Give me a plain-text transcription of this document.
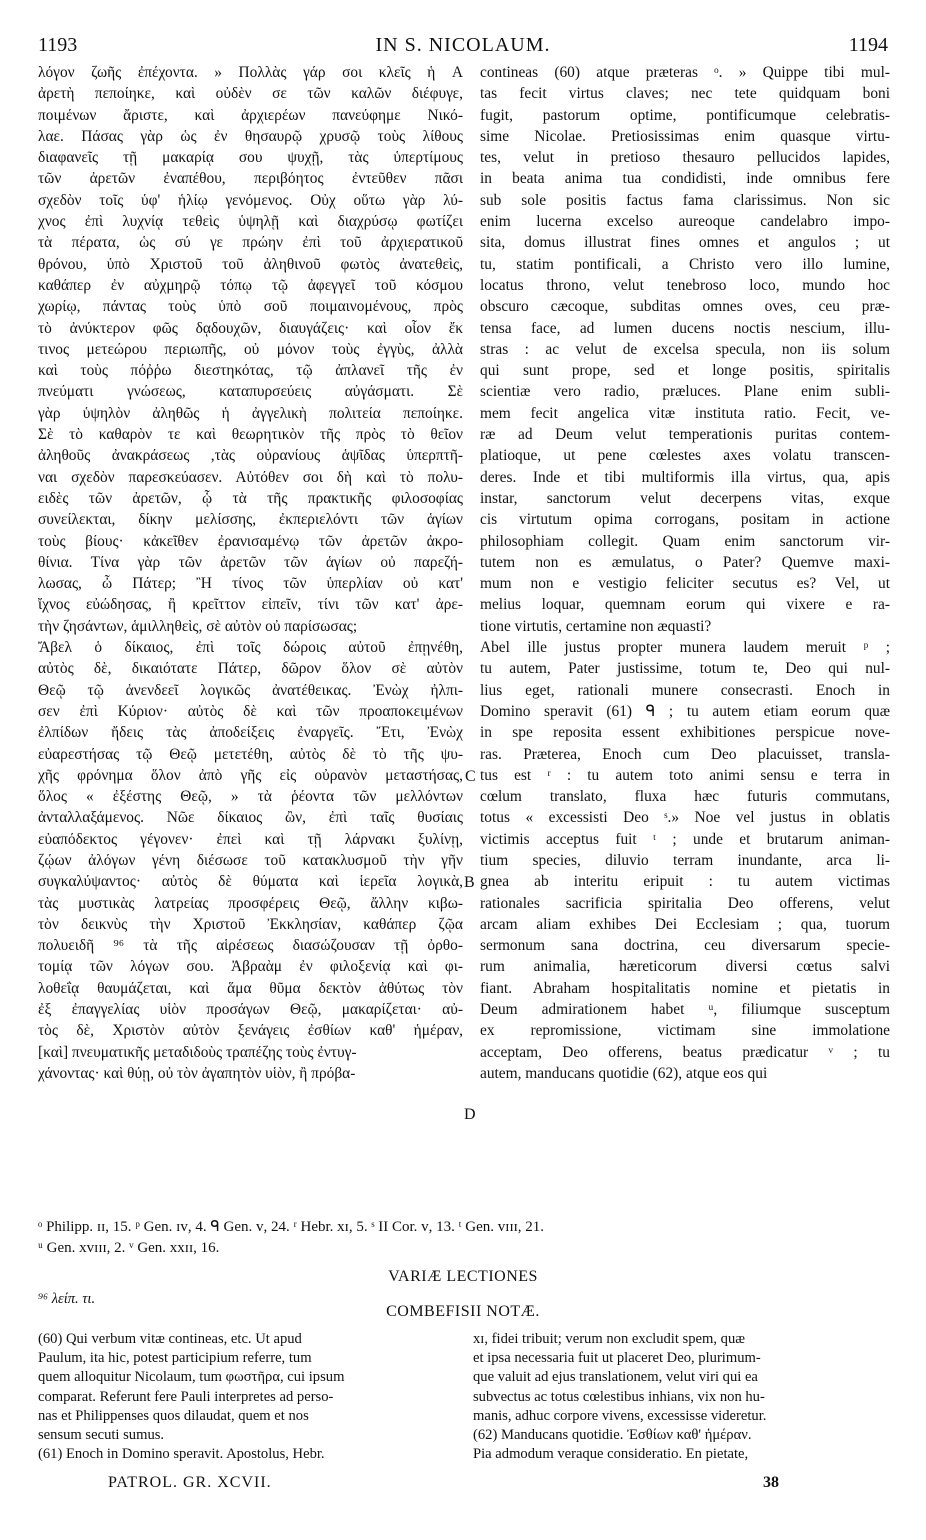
1193	IN S. NICOLAUM.	1194
λόγον ζωῆς ἐπέχοντα. » Πολλὰς γάρ σοι κλεῖς ἡ A
ἀρετὴ πεποίηκε, καὶ οὐδὲν σε τῶν καλῶν διέφυγε,
ποιμένων ἄριστε, καὶ ἀρχιερέων πανεύφημε Νικό-
λαε. Πάσας γὰρ ὡς ἐν θησαυρῷ χρυσῷ τοὺς λίθους
διαφανεῖς τῇ μακαρίᾳ σου ψυχῇ, τὰς ὑπερτίμους
τῶν ἀρετῶν ἐναπέθου, περιβόητος ἐντεῦθεν πᾶσι
σχεδὸν τοῖς ὑφ' ἡλίῳ γενόμενος. Οὐχ οὕτω γὰρ λύ-
χνος ἐπὶ λυχνίᾳ τεθεὶς ὑψηλῇ καὶ διαχρύσῳ φωτίζει
τὰ πέρατα, ὡς σύ γε πρώην ἐπὶ τοῦ ἀρχιερατικοῦ
θρόνου, ὑπὸ Χριστοῦ τοῦ ἀληθινοῦ φωτὸς ἀνατεθεὶς,
καθάπερ ἐν αὐχμηρῷ τόπῳ τῷ ἀφεγγεῖ τοῦ κόσμου
χωρίῳ, πάντας τοὺς ὑπὸ σοῦ ποιμαινομένους, πρὸς
τὸ ἀνύκτερον φῶς δᾳδουχῶν, διαυγάζεις· καὶ οἷον ἔκ
τινος μετεώρου περιωπῆς, οὐ μόνον τοὺς ἐγγὺς, ἀλλὰ
καὶ τοὺς πόῤῥω διεστηκότας, τῷ ἀπλανεῖ τῆς ἐν
πνεύματι γνώσεως, καταπυρσεύεις αὐγάσματι. Σὲ
γὰρ ὑψηλὸν ἀληθῶς ἡ ἀγγελικὴ πολιτεία πεποίηκε.
Σὲ τὸ καθαρὸν τε καὶ θεωρητικὸν τῆς πρὸς τὸ θεῖον
ἀληθοῦς ἀνακράσεως ,τὰς οὐρανίους ἁψῖδας ὑπερπτῆ-
ναι σχεδὸν παρεσκεύασεν. Αὐτόθεν σοι δὴ καὶ τὸ πολυ-
ειδὲς τῶν ἀρετῶν, ᾧ τὰ τῆς πρακτικῆς φιλοσοφίας
συνείλεκται, δίκην μελίσσης, ἐκπεριελόντι τῶν ἁγίων
τοὺς βίους· κἀκεῖθεν ἐρανισαμένῳ τῶν ἀρετῶν ἀκρο-
θίνια. Τίνα γὰρ τῶν ἀρετῶν τῶν ἁγίων οὐ παρεζή-
λωσας, ὦ Πάτερ; Ἢ τίνος τῶν ὑπερλίαν οὐ κατ'
ἴχνος εὐώδησας, ἢ κρεῖττον εἰπεῖν, τίνι τῶν κατ' ἀρε-
τὴν ζησάντων, ἁμιλληθεὶς, σὲ αὐτὸν οὐ παρίσωσας;
Ἄβελ ὁ δίκαιος, ἐπὶ τοῖς δώροις αὐτοῦ ἐπῃνέθη,
αὐτὸς δὲ, δικαιότατε Πάτερ, δῶρον ὅλον σὲ αὐτὸν
Θεῷ τῷ ἀνενδεεῖ λογικῶς ἀνατέθεικας. Ἐνὼχ ἠλπι-
σεν ἐπὶ Κύριον· αὐτὸς δὲ καὶ τῶν προαποκειμένων
ἐλπίδων ἤδεις τὰς ἀποδείξεις ἐναργεῖς. Ἔτι, Ἐνὼχ
εὐαρεστήσας τῷ Θεῷ μετετέθη, αὐτὸς δὲ τὸ τῆς ψυ-
χῆς φρόνημα ὅλον ἀπὸ γῆς εἰς οὐρανὸν μεταστήσας,
ὅλος « ἐξέστης Θεῷ, » τὰ ῥέοντα τῶν μελλόντων
ἀνταλλαξάμενος. Νῶε δίκαιος ὢν, ἐπὶ ταῖς θυσίαις
εὐαπόδεκτος γέγονεν· ἐπεὶ καὶ τῇ λάρνακι ξυλίνῃ,
ζῴων ἀλόγων γένη διέσωσε τοῦ κατακλυσμοῦ τὴν γῆν
συγκαλύψαντος· αὐτὸς δὲ θύματα καὶ ἱερεῖα λογικὰ,
τὰς μυστικὰς λατρείας προσφέρεις Θεῷ, ἄλλην κιβω-
τὸν δεικνὺς τὴν Χριστοῦ Ἐκκλησίαν, καθάπερ ζῷα
πολυειδῆ ⁹⁶ τὰ τῆς αἱρέσεως διασώζουσαν τῇ ὀρθο-
τομίᾳ τῶν λόγων σου. Ἀβραὰμ ἐν φιλοξενίᾳ καὶ φι-
λοθεΐᾳ θαυμάζεται, καὶ ἅμα θῦμα δεκτὸν ἀθύτως τὸν
ἐξ ἐπαγγελίας υἱὸν προσάγων Θεῷ, μακαρίζεται· αὐ-
τὸς δὲ, Χριστὸν αὐτὸν ξενάγεις ἐσθίων καθ' ἡμέραν,
[καὶ] πνευματικῆς μεταδιδοὺς τραπέζης τοὺς ἐντυγ-
χάνοντας· καὶ θύῃ, οὐ τὸν ἀγαπητὸν υἱὸν, ἢ πρόβα-
contineas (60) atque præteras ᵒ. » Quippe tibi mul-
tas fecit virtus claves; nec tete quidquam boni
fugit, pastorum optime, pontificumque celebratis-
sime Nicolae. Pretiosissimas enim quasque virtu-
tes, velut in pretioso thesauro pellucidos lapides,
in beata anima tua condidisti, inde omnibus fere
sub sole positis factus fama clarissimus. Non sic
enim lucerna excelso aureoque candelabro impo-
sita, domus illustrat fines omnes et angulos ; ut
tu, statim pontificali, a Christo vero illo lumine,
locatus throno, velut tenebroso loco, mundo hoc
obscuro cæcoque, subditas omnes oves, ceu præ-
tensa face, ad lumen ducens noctis nescium, illu-
stras : ac velut de excelsa specula, non iis solum
qui sunt prope, sed et longe positis, spiritalis
scientiæ vero radio, præluces. Plane enim subli-
mem fecit angelica vitæ instituta ratio. Fecit, ve-
ræ ad Deum velut temperationis puritas contem-
platiοque, ut pene cœlestes axes volatu transcen-
deres. Inde et tibi multiformis illa virtus, qua, apis
instar, sanctorum velut decerpens vitas, exque
cis virtutum opima corrogans, positam in actione
philosophiam collegit. Quam enim sanctorum vir-
tutem non es æmulatus, o Pater? Quemve maxi-
mum non e vestigio feliciter secutus es? Vel, ut
melius loquar, quemnam eorum qui vixere e ra-
tione virtutis, certamine non æquasti?
Abel ille justus propter munera laudem meruit ᵖ ;
tu autem, Pater justissime, totum te, Deo qui nul-
lius eget, rationali munere consecrasti. Enoch in
Domino speravit (61) ᑫ ; tu autem etiam eorum quæ
in spe reposita essent exhibitiones perspicue nove-
ras. Præterea, Enoch cum Deo placuisset, transla-
tus est ʳ : tu autem toto animi sensu e terra in
cœlum translato, fluxa hæc futuris commutans,
totus « excessisti Deo ˢ.» Noe vel justus in oblatis
victimis acceptus fuit ᵗ ; unde et brutarum animan-
tium species, diluvio terram inundante, arca li-
gnea ab interitu eripuit : tu autem victimas
rationales sacrificia spiritalia Deo offerens, velut
arcam aliam exhibes Dei Ecclesiam ; qua, tuorum
sermonum sana doctrina, ceu diversarum specie-
rum animalia, hæreticorum diversi cœtus salvi
fiant. Abraham hospitalitatis nomine et pietatis in
Deum admirationem habet ᵘ, filiumque susceptum
ex repromissione, victimam sine immolatione
acceptam, Deo offerens, beatus prædicatur ᵛ ; tu
autem, manducans quotidie (62), atque eos qui
B
C
D
ᵒ Philipp. ɪɪ, 15. ᵖ Gen. ɪᴠ, 4. ᑫ Gen. ᴠ, 24. ʳ Hebr. xɪ, 5. ˢ II Cor. ᴠ, 13. ᵗ Gen. ᴠɪɪɪ, 21.
ᵘ Gen. xᴠɪɪɪ, 2. ᵛ Gen. xxɪɪ, 16.
VARIÆ LECTIONES
⁹⁶ λείπ. τι.
COMBEFISII NOTÆ.
(60) Qui verbum vitæ contineas, etc. Ut apud
Paulum, ita hic, potest participium referre, tum
quem alloquitur Nicolaum, tum φωστῆρα, cui ipsum
comparat. Referunt fere Pauli interpretes ad perso-
nas et Philippenses quos dilaudat, quem et nos
sensum secuti sumus.
(61) Enoch in Domino speravit. Apostolus, Hebr.
xɪ, fidei tribuit; verum non excludit spem, quæ
et ipsa necessaria fuit ut placeret Deo, plurimum-
que valuit ad ejus translationem, velut viri qui ea
subvectus ac totus cœlestibus inhians, vix non hu-
manis, adhuc corpore vivens, excessisse videretur.
(62) Manducans quotidie. Ἐσθίων καθ' ἡμέραν.
Pia admodum veraque consideratio. En pietate,
PATROL. GR. XCVII.	38
